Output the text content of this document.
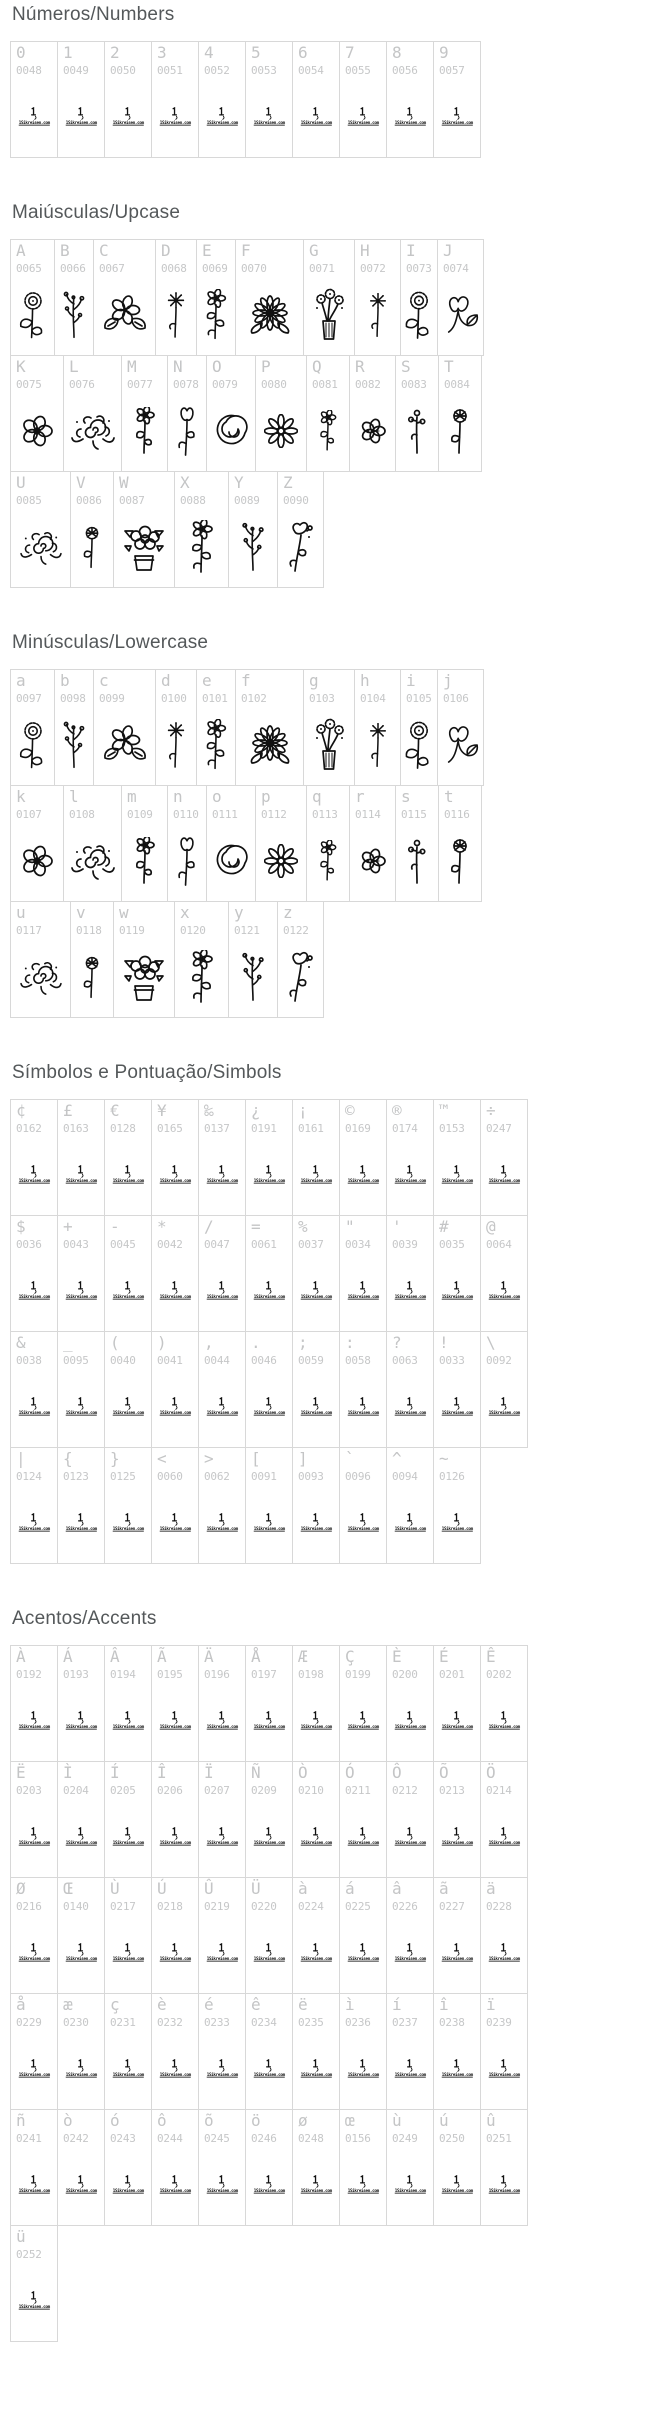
Números/Numbers
0
0048
1Sikreisen.com
1
0049
1Sikreisen.com
2
0050
1Sikreisen.com
3
0051
1Sikreisen.com
4
0052
1Sikreisen.com
5
0053
1Sikreisen.com
6
0054
1Sikreisen.com
7
0055
1Sikreisen.com
8
0056
1Sikreisen.com
9
0057
1Sikreisen.com
Maiúsculas/Upcase
A
0065
B
0066
C
0067
D
0068
E
0069
F
0070
G
0071
H
0072
I
0073
J
0074
K
0075
L
0076
M
0077
N
0078
O
0079
P
0080
Q
0081
R
0082
S
0083
T
0084
U
0085
V
0086
W
0087
X
0088
Y
0089
Z
0090
Minúsculas/Lowercase
a
0097
b
0098
c
0099
d
0100
e
0101
f
0102
g
0103
h
0104
i
0105
j
0106
k
0107
l
0108
m
0109
n
0110
o
0111
p
0112
q
0113
r
0114
s
0115
t
0116
u
0117
v
0118
w
0119
x
0120
y
0121
z
0122
Símbolos e Pontuação/Simbols
¢
0162
1Sikreisen.com
£
0163
1Sikreisen.com
€
0128
1Sikreisen.com
¥
0165
1Sikreisen.com
‰
0137
1Sikreisen.com
¿
0191
1Sikreisen.com
¡
0161
1Sikreisen.com
©
0169
1Sikreisen.com
®
0174
1Sikreisen.com
™
0153
1Sikreisen.com
÷
0247
1Sikreisen.com
$
0036
1Sikreisen.com
+
0043
1Sikreisen.com
-
0045
1Sikreisen.com
*
0042
1Sikreisen.com
/
0047
1Sikreisen.com
=
0061
1Sikreisen.com
%
0037
1Sikreisen.com
"
0034
1Sikreisen.com
'
0039
1Sikreisen.com
#
0035
1Sikreisen.com
@
0064
1Sikreisen.com
&
0038
1Sikreisen.com
_
0095
1Sikreisen.com
(
0040
1Sikreisen.com
)
0041
1Sikreisen.com
,
0044
1Sikreisen.com
.
0046
1Sikreisen.com
;
0059
1Sikreisen.com
:
0058
1Sikreisen.com
?
0063
1Sikreisen.com
!
0033
1Sikreisen.com
\
0092
1Sikreisen.com
|
0124
1Sikreisen.com
{
0123
1Sikreisen.com
}
0125
1Sikreisen.com
<
0060
1Sikreisen.com
>
0062
1Sikreisen.com
[
0091
1Sikreisen.com
]
0093
1Sikreisen.com
`
0096
1Sikreisen.com
^
0094
1Sikreisen.com
~
0126
1Sikreisen.com
Acentos/Accents
À
0192
1Sikreisen.com
Á
0193
1Sikreisen.com
Â
0194
1Sikreisen.com
Ã
0195
1Sikreisen.com
Ä
0196
1Sikreisen.com
Å
0197
1Sikreisen.com
Æ
0198
1Sikreisen.com
Ç
0199
1Sikreisen.com
È
0200
1Sikreisen.com
É
0201
1Sikreisen.com
Ê
0202
1Sikreisen.com
Ë
0203
1Sikreisen.com
Ì
0204
1Sikreisen.com
Í
0205
1Sikreisen.com
Î
0206
1Sikreisen.com
Ï
0207
1Sikreisen.com
Ñ
0209
1Sikreisen.com
Ò
0210
1Sikreisen.com
Ó
0211
1Sikreisen.com
Ô
0212
1Sikreisen.com
Õ
0213
1Sikreisen.com
Ö
0214
1Sikreisen.com
Ø
0216
1Sikreisen.com
Œ
0140
1Sikreisen.com
Ù
0217
1Sikreisen.com
Ú
0218
1Sikreisen.com
Û
0219
1Sikreisen.com
Ü
0220
1Sikreisen.com
à
0224
1Sikreisen.com
á
0225
1Sikreisen.com
â
0226
1Sikreisen.com
ã
0227
1Sikreisen.com
ä
0228
1Sikreisen.com
å
0229
1Sikreisen.com
æ
0230
1Sikreisen.com
ç
0231
1Sikreisen.com
è
0232
1Sikreisen.com
é
0233
1Sikreisen.com
ê
0234
1Sikreisen.com
ë
0235
1Sikreisen.com
ì
0236
1Sikreisen.com
í
0237
1Sikreisen.com
î
0238
1Sikreisen.com
ï
0239
1Sikreisen.com
ñ
0241
1Sikreisen.com
ò
0242
1Sikreisen.com
ó
0243
1Sikreisen.com
ô
0244
1Sikreisen.com
õ
0245
1Sikreisen.com
ö
0246
1Sikreisen.com
ø
0248
1Sikreisen.com
œ
0156
1Sikreisen.com
ù
0249
1Sikreisen.com
ú
0250
1Sikreisen.com
û
0251
1Sikreisen.com
ü
0252
1Sikreisen.com
